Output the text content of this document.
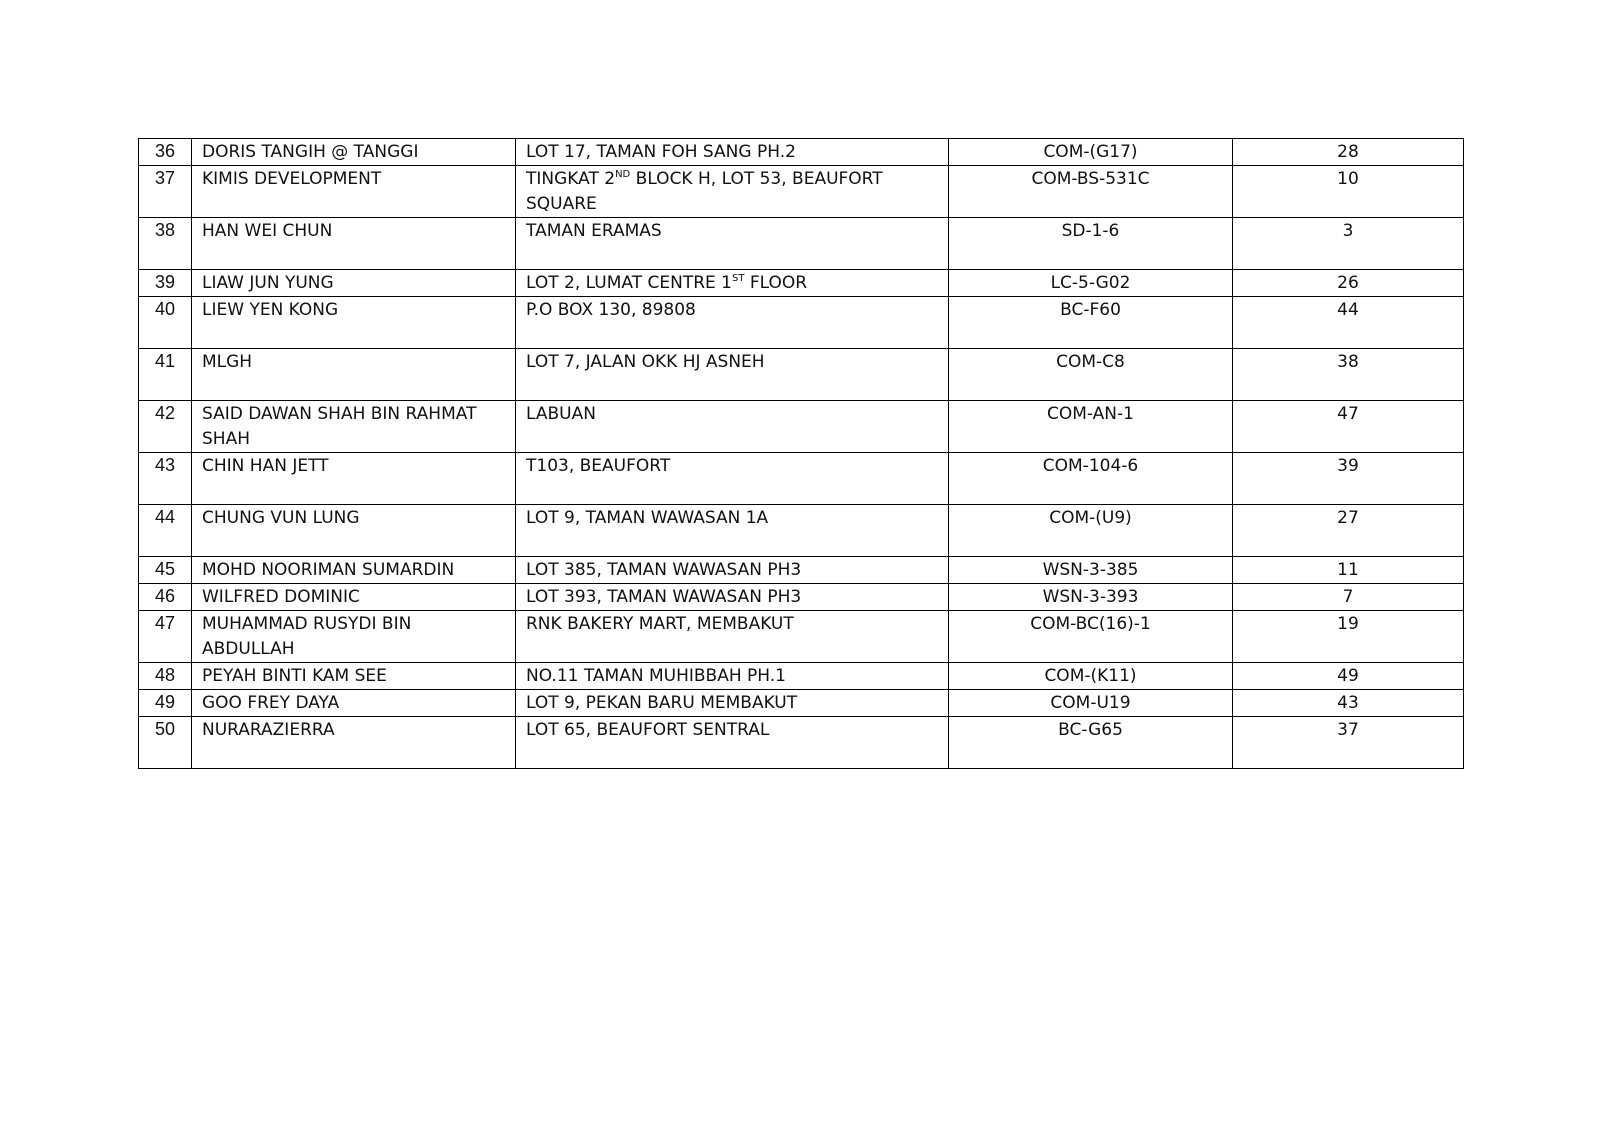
36	DORIS TANGIH @ TANGGI	LOT 17, TAMAN FOH SANG PH.2	COM-(G17)	28
37	KIMIS DEVELOPMENT	TINGKAT 2ND BLOCK H, LOT 53, BEAUFORT SQUARE	COM-BS-531C	10
38	HAN WEI CHUN	TAMAN ERAMAS	SD-1-6	3
39	LIAW JUN YUNG	LOT 2, LUMAT CENTRE 1ST FLOOR	LC-5-G02	26
40	LIEW YEN KONG	P.O BOX 130, 89808	BC-F60	44
41	MLGH	LOT 7, JALAN OKK HJ ASNEH	COM-C8	38
42	SAID DAWAN SHAH BIN RAHMAT SHAH	LABUAN	COM-AN-1	47
43	CHIN HAN JETT	T103, BEAUFORT	COM-104-6	39
44	CHUNG VUN LUNG	LOT 9, TAMAN WAWASAN 1A	COM-(U9)	27
45	MOHD NOORIMAN SUMARDIN	LOT 385, TAMAN WAWASAN PH3	WSN-3-385	11
46	WILFRED DOMINIC	LOT 393, TAMAN WAWASAN PH3	WSN-3-393	7
47	MUHAMMAD RUSYDI BIN ABDULLAH	RNK BAKERY MART, MEMBAKUT	COM-BC(16)-1	19
48	PEYAH BINTI KAM SEE	NO.11 TAMAN MUHIBBAH PH.1	COM-(K11)	49
49	GOO FREY DAYA	LOT 9, PEKAN BARU MEMBAKUT	COM-U19	43
50	NURARAZIERRA	LOT 65, BEAUFORT SENTRAL	BC-G65	37
